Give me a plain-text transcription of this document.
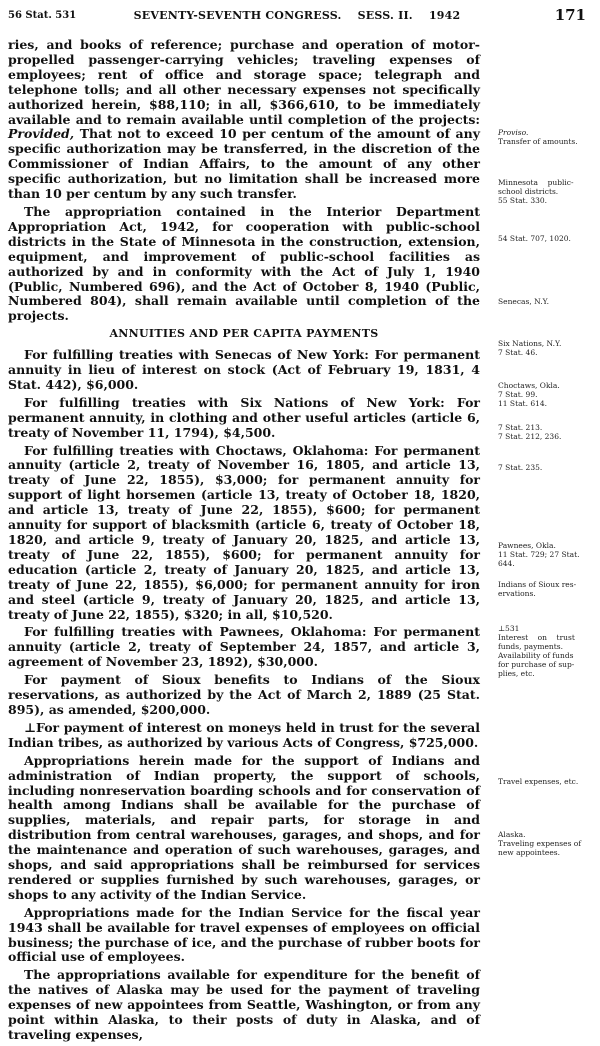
56 Stat. 531	SEVENTY-SEVENTH CONGRESS.    SESS. II.    1942	171

ries, and books of reference; purchase and operation of motor-propelled passenger-carrying vehicles; traveling expenses of employees; rent of office and storage space; telegraph and telephone tolls; and all other necessary expenses not specifically authorized herein, $88,110; in all, $366,610, to be immediately available and to remain available until completion of the projects: Provided, That not to exceed 10 per centum of the amount of any specific authorization may be transferred, in the discretion of the Commissioner of Indian Affairs, to the amount of any other specific authorization, but no limitation shall be increased more than 10 per centum by any such transfer.

The appropriation contained in the Interior Department Appropriation Act, 1942, for cooperation with public-school districts in the State of Minnesota in the construction, extension, equipment, and improvement of public-school facilities as authorized by and in conformity with the Act of July 1, 1940 (Public, Numbered 696), and the Act of October 8, 1940 (Public, Numbered 804), shall remain available until completion of the projects.

ANNUITIES AND PER CAPITA PAYMENTS

For fulfilling treaties with Senecas of New York: For permanent annuity in lieu of interest on stock (Act of February 19, 1831, 4 Stat. 442), $6,000.

For fulfilling treaties with Six Nations of New York: For permanent annuity, in clothing and other useful articles (article 6, treaty of November 11, 1794), $4,500.

For fulfilling treaties with Choctaws, Oklahoma: For permanent annuity (article 2, treaty of November 16, 1805, and article 13, treaty of June 22, 1855), $3,000; for permanent annuity for support of light horsemen (article 13, treaty of October 18, 1820, and article 13, treaty of June 22, 1855), $600; for permanent annuity for support of blacksmith (article 6, treaty of October 18, 1820, and article 9, treaty of January 20, 1825, and article 13, treaty of June 22, 1855), $600; for permanent annuity for education (article 2, treaty of January 20, 1825, and article 13, treaty of June 22, 1855), $6,000; for permanent annuity for iron and steel (article 9, treaty of January 20, 1825, and article 13, treaty of June 22, 1855), $320; in all, $10,520.

For fulfilling treaties with Pawnees, Oklahoma: For permanent annuity (article 2, treaty of September 24, 1857, and article 3, agreement of November 23, 1892), $30,000.

For payment of Sioux benefits to Indians of the Sioux reservations, as authorized by the Act of March 2, 1889 (25 Stat. 895), as amended, $200,000.

⊥For payment of interest on moneys held in trust for the several Indian tribes, as authorized by various Acts of Congress, $725,000.

Appropriations herein made for the support of Indians and administration of Indian property, the support of schools, including nonreservation boarding schools and for conservation of health among Indians shall be available for the purchase of supplies, materials, and repair parts, for storage in and distribution from central warehouses, garages, and shops, and for the maintenance and operation of such warehouses, garages, and shops, and said appropriations shall be reimbursed for services rendered or supplies furnished by such warehouses, garages, or shops to any activity of the Indian Service.

Appropriations made for the Indian Service for the fiscal year 1943 shall be available for travel expenses of employees on official business; the purchase of ice, and the purchase of rubber boots for official use of employees.

The appropriations available for expenditure for the benefit of the natives of Alaska may be used for the payment of traveling expenses of new appointees from Seattle, Washington, or from any point within Alaska, to their posts of duty in Alaska, and of traveling expenses,

Proviso.
Transfer of amounts.
Minnesota    public-
school districts.
55 Stat. 330.
54 Stat. 707, 1020.
Senecas, N.Y.
Six Nations, N.Y.
7 Stat. 46.
Choctaws, Okla.
7 Stat. 99.
11 Stat. 614.
7 Stat. 213.
7 Stat. 212, 236.
7 Stat. 235.
Pawnees, Okla.
11 Stat. 729; 27 Stat.
644.
Indians of Sioux res-
ervations.
⊥531
Interest    on    trust
funds, payments.
Availability of funds
for purchase of sup-
plies, etc.
Travel expenses, etc.
Alaska.
Traveling expenses of
new appointees.
